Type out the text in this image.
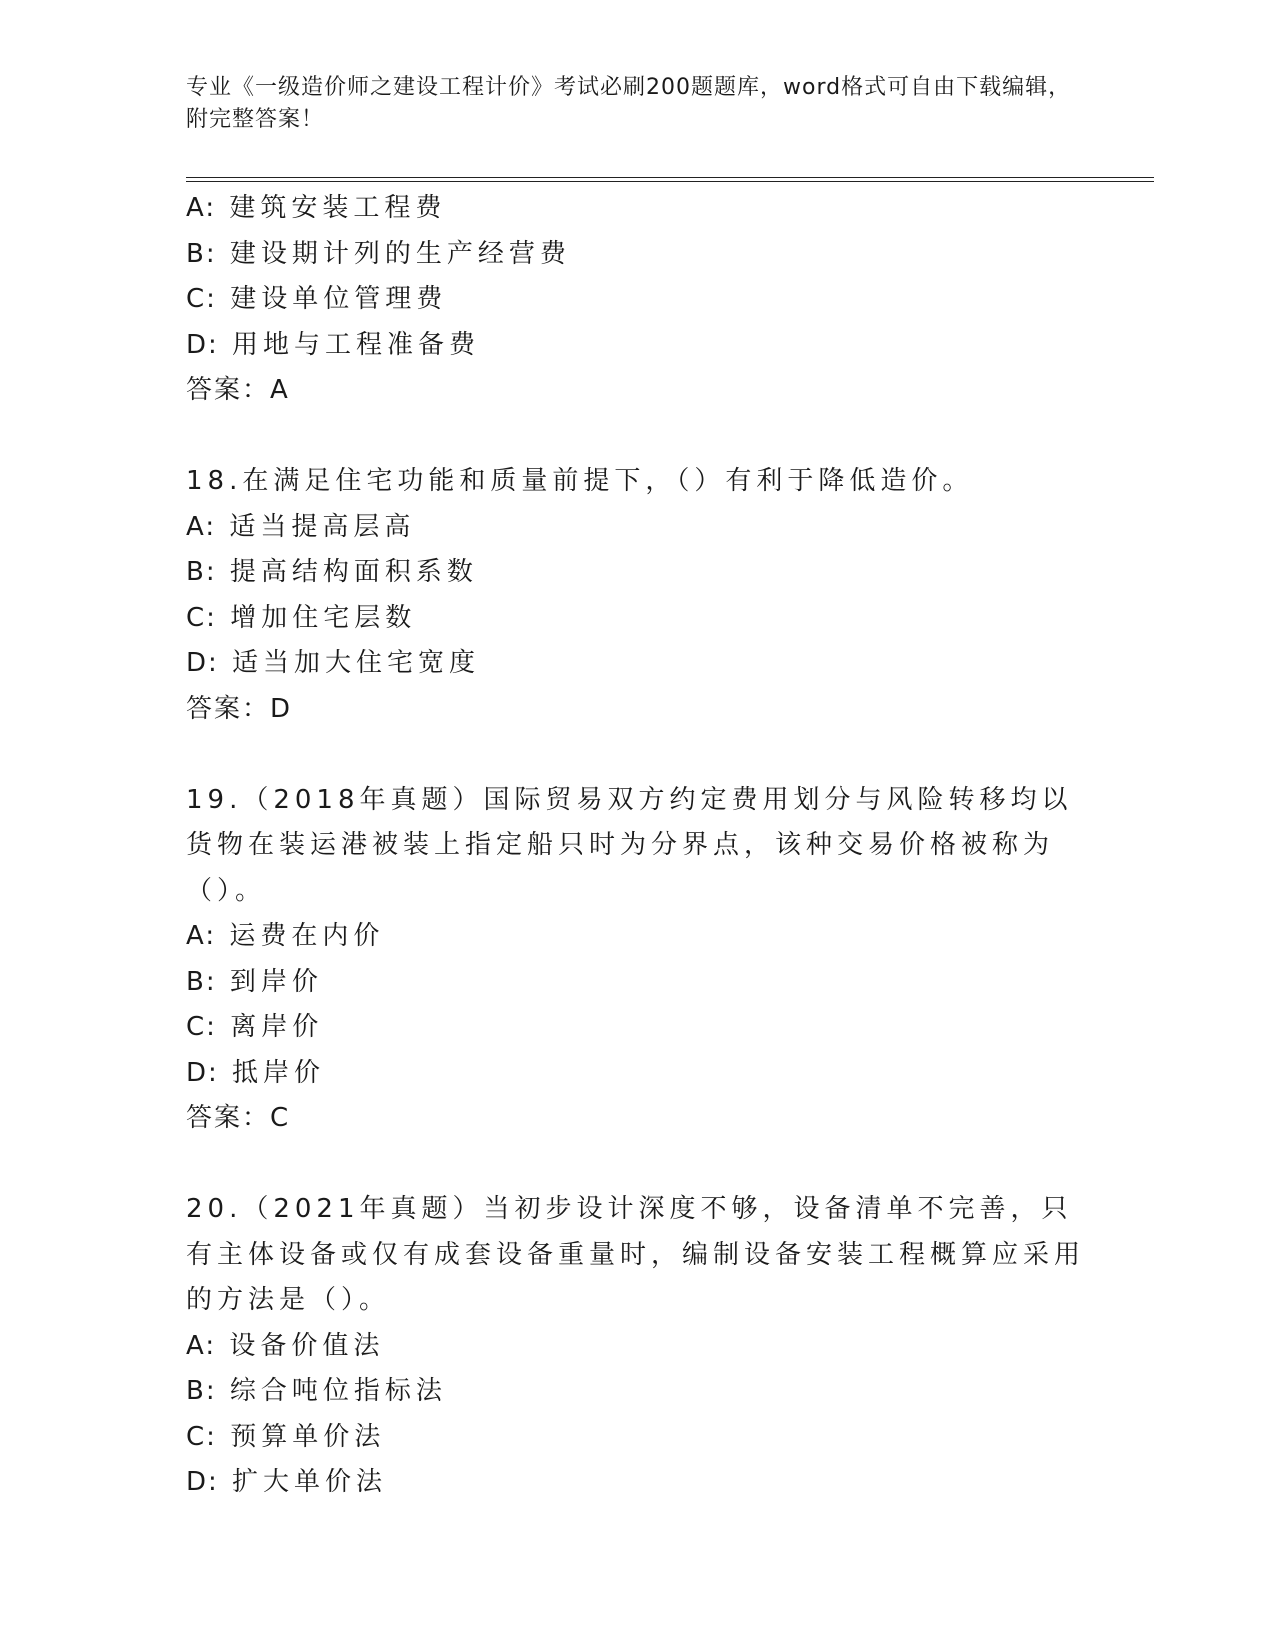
专业《一级造价师之建设工程计价》考试必刷200题题库，word格式可自由下载编辑，附完整答案！
A: 建筑安装工程费
B: 建设期计列的生产经营费
C: 建设单位管理费
D: 用地与工程准备费
答案：A
18.在满足住宅功能和质量前提下，（）有利于降低造价。
A: 适当提高层高
B: 提高结构面积系数
C: 增加住宅层数
D: 适当加大住宅宽度
答案：D
19.（2018年真题）国际贸易双方约定费用划分与风险转移均以货物在装运港被装上指定船只时为分界点，该种交易价格被称为（）。
A: 运费在内价
B: 到岸价
C: 离岸价
D: 抵岸价
答案：C
20.（2021年真题）当初步设计深度不够，设备清单不完善，只有主体设备或仅有成套设备重量时，编制设备安装工程概算应采用的方法是（）。
A: 设备价值法
B: 综合吨位指标法
C: 预算单价法
D: 扩大单价法
